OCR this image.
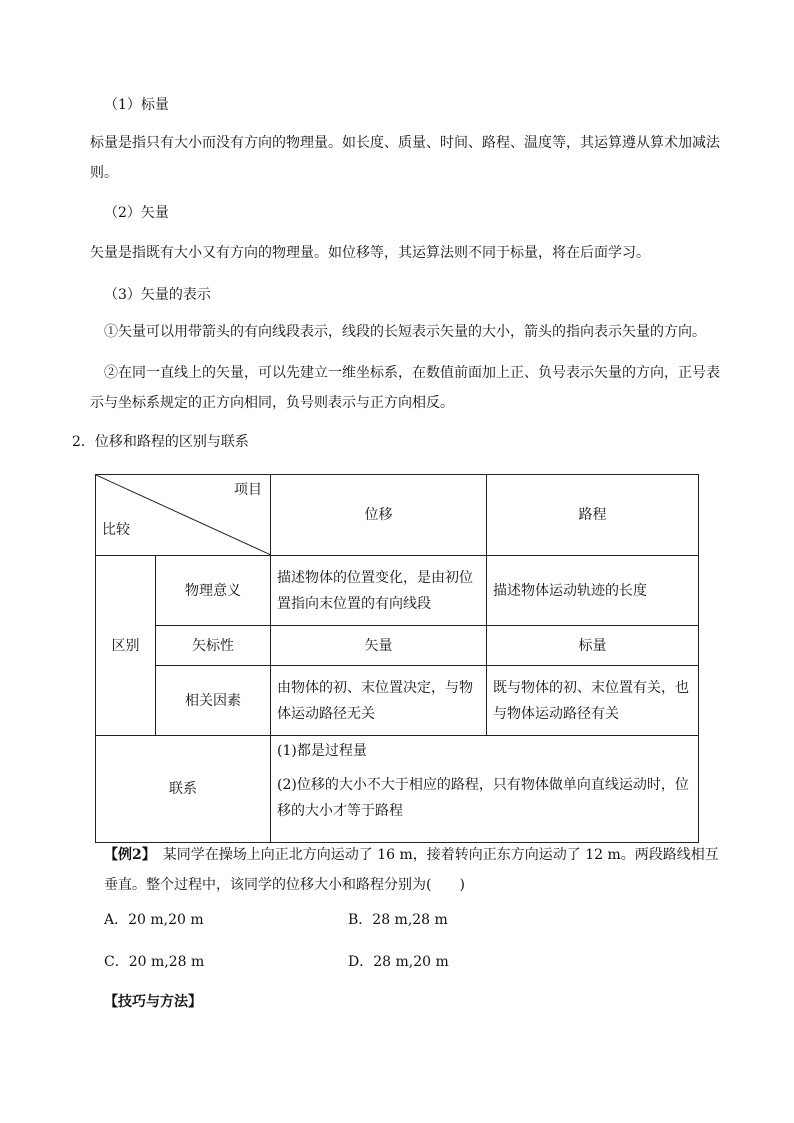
（1）标量
标量是指只有大小而没有方向的物理量。如长度、质量、时间、路程、温度等，其运算遵从算术加减法则。
（2）矢量
矢量是指既有大小又有方向的物理量。如位移等，其运算法则不同于标量，将在后面学习。
（3）矢量的表示
①矢量可以用带箭头的有向线段表示，线段的长短表示矢量的大小，箭头的指向表示矢量的方向。
②在同一直线上的矢量，可以先建立一维坐标系，在数值前面加上正、负号表示矢量的方向，正号表示与坐标系规定的正方向相同，负号则表示与正方向相反。
2．位移和路程的区别与联系
项目
比较		位移	路程
区别	物理意义	描述物体的位置变化，是由初位置指向末位置的有向线段	描述物体运动轨迹的长度
	矢标性	矢量	标量
	相关因素	由物体的初、末位置决定，与物体运动路径无关	既与物体的初、末位置有关，也与物体运动路径有关
联系		(1)都是过程量
(2)位移的大小不大于相应的路程，只有物体做单向直线运动时，位移的大小才等于路程	
【例2】　某同学在操场上向正北方向运动了 16 m，接着转向正东方向运动了 12 m。两段路线相互垂直。整个过程中，该同学的位移大小和路程分别为(　　)
A．20 m,20 m	B．28 m,28 m
C．20 m,28 m	D．28 m,20 m
【技巧与方法】
